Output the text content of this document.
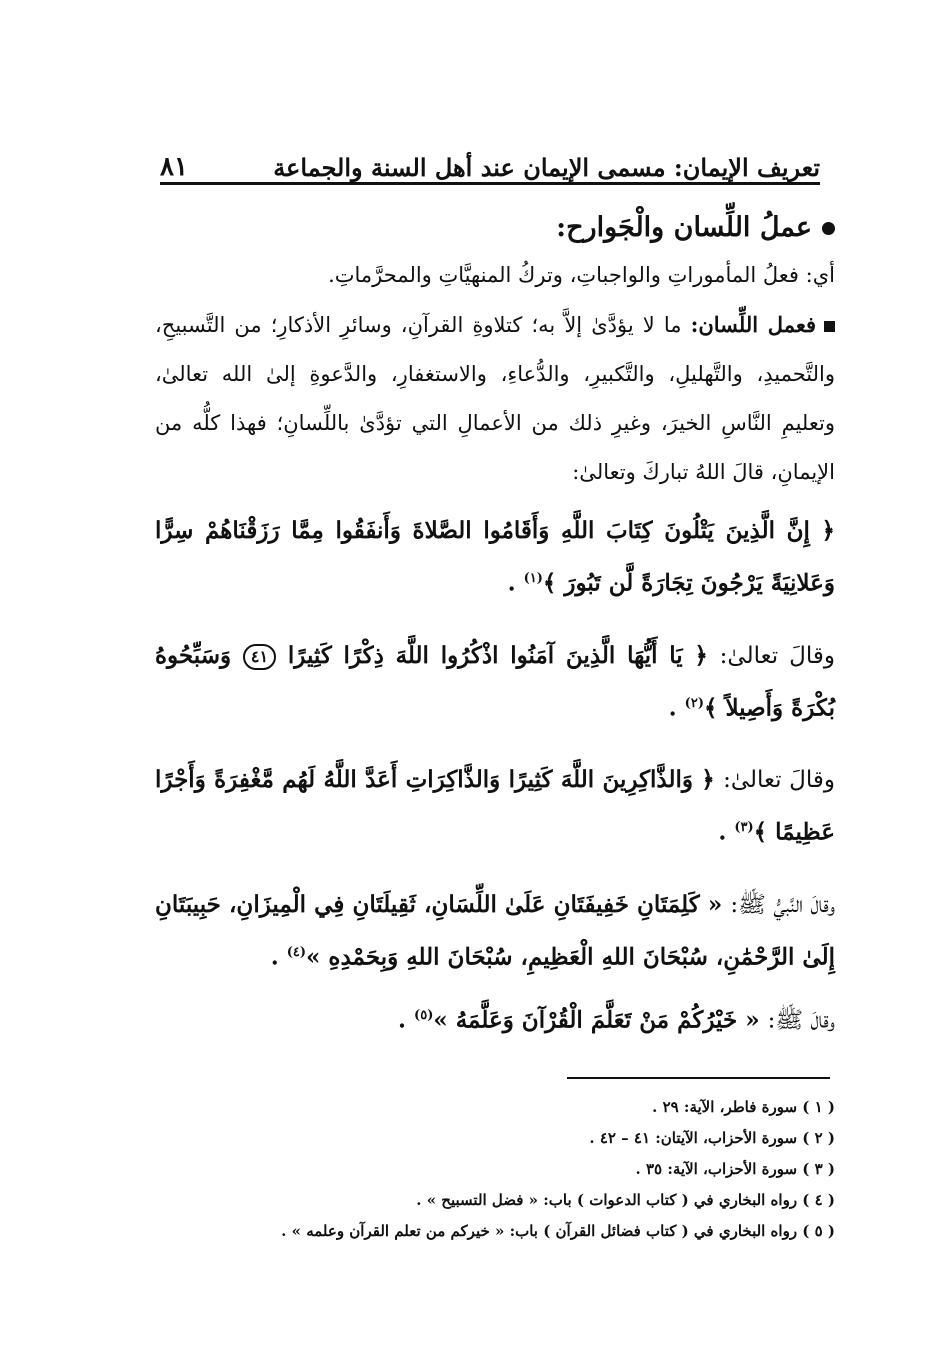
تعريف الإيمان: مسمى الإيمان عند أهل السنة والجماعة
٨١
عملُ اللِّسان والْجَوارح:
أي: فعلُ المأموراتِ والواجباتِ، وتركُ المنهيَّاتِ والمحرَّماتِ.
فعمل اللِّسان: ما لا يؤدَّىٰ إلاَّ به؛ كتلاوةِ القرآنِ، وسائرِ الأذكارِ؛ من التَّسبيحِ، والتَّحميدِ، والتَّهليلِ، والتَّكبيرِ، والدُّعاءِ، والاستغفارِ، والدَّعوةِ إلىٰ الله تعالىٰ، وتعليمِ النَّاسِ الخيرَ، وغيرِ ذلك من الأعمالِ التي تؤدَّىٰ باللِّسانِ؛ فهذا كلُّه من الإيمانِ، قالَ اللهُ تباركَ وتعالىٰ:
﴿ إِنَّ الَّذِينَ يَتْلُونَ كِتَابَ اللَّهِ وَأَقَامُوا الصَّلاةَ وَأَنفَقُوا مِمَّا رَزَقْنَاهُمْ سِرًّا وَعَلانِيَةً يَرْجُونَ تِجَارَةً لَّن تَبُورَ ﴾$^{(١)}$ .
وقالَ تعالىٰ: ﴿ يَا أَيُّهَا الَّذِينَ آمَنُوا اذْكُرُوا اللَّهَ ذِكْرًا كَثِيرًا ٤١ وَسَبِّحُوهُ بُكْرَةً وَأَصِيلاً ﴾$^{(٢)}$ .
وقالَ تعالىٰ: ﴿ وَالذَّاكِرِينَ اللَّهَ كَثِيرًا وَالذَّاكِرَاتِ أَعَدَّ اللَّهُ لَهُم مَّغْفِرَةً وَأَجْرًا عَظِيمًا ﴾$^{(٣)}$ .
وقالَ النَّبيُّ ﷺ: « كَلِمَتَانِ خَفِيفَتَانِ عَلَىٰ اللِّسَانِ، ثَقِيلَتَانِ فِي الْمِيزَانِ، حَبِيبَتَانِ إِلَىٰ الرَّحْمَٰنِ، سُبْحَانَ اللهِ الْعَظِيمِ، سُبْحَانَ اللهِ وَبِحَمْدِهِ »$^{(٤)}$ .
وقالَ ﷺ: « خَيْرُكُمْ مَنْ تَعَلَّمَ الْقُرْآنَ وَعَلَّمَهُ »$^{(٥)}$ .
( ١ ) سورة فاطر، الآية: ٢٩ .
( ٢ ) سورة الأحزاب، الآيتان: ٤١ – ٤٢ .
( ٣ ) سورة الأحزاب، الآية: ٣٥ .
( ٤ ) رواه البخاري في ( كتاب الدعوات ) باب: « فضل التسبيح » .
( ٥ ) رواه البخاري في ( كتاب فضائل القرآن ) باب: « خيركم من تعلم القرآن وعلمه » .
